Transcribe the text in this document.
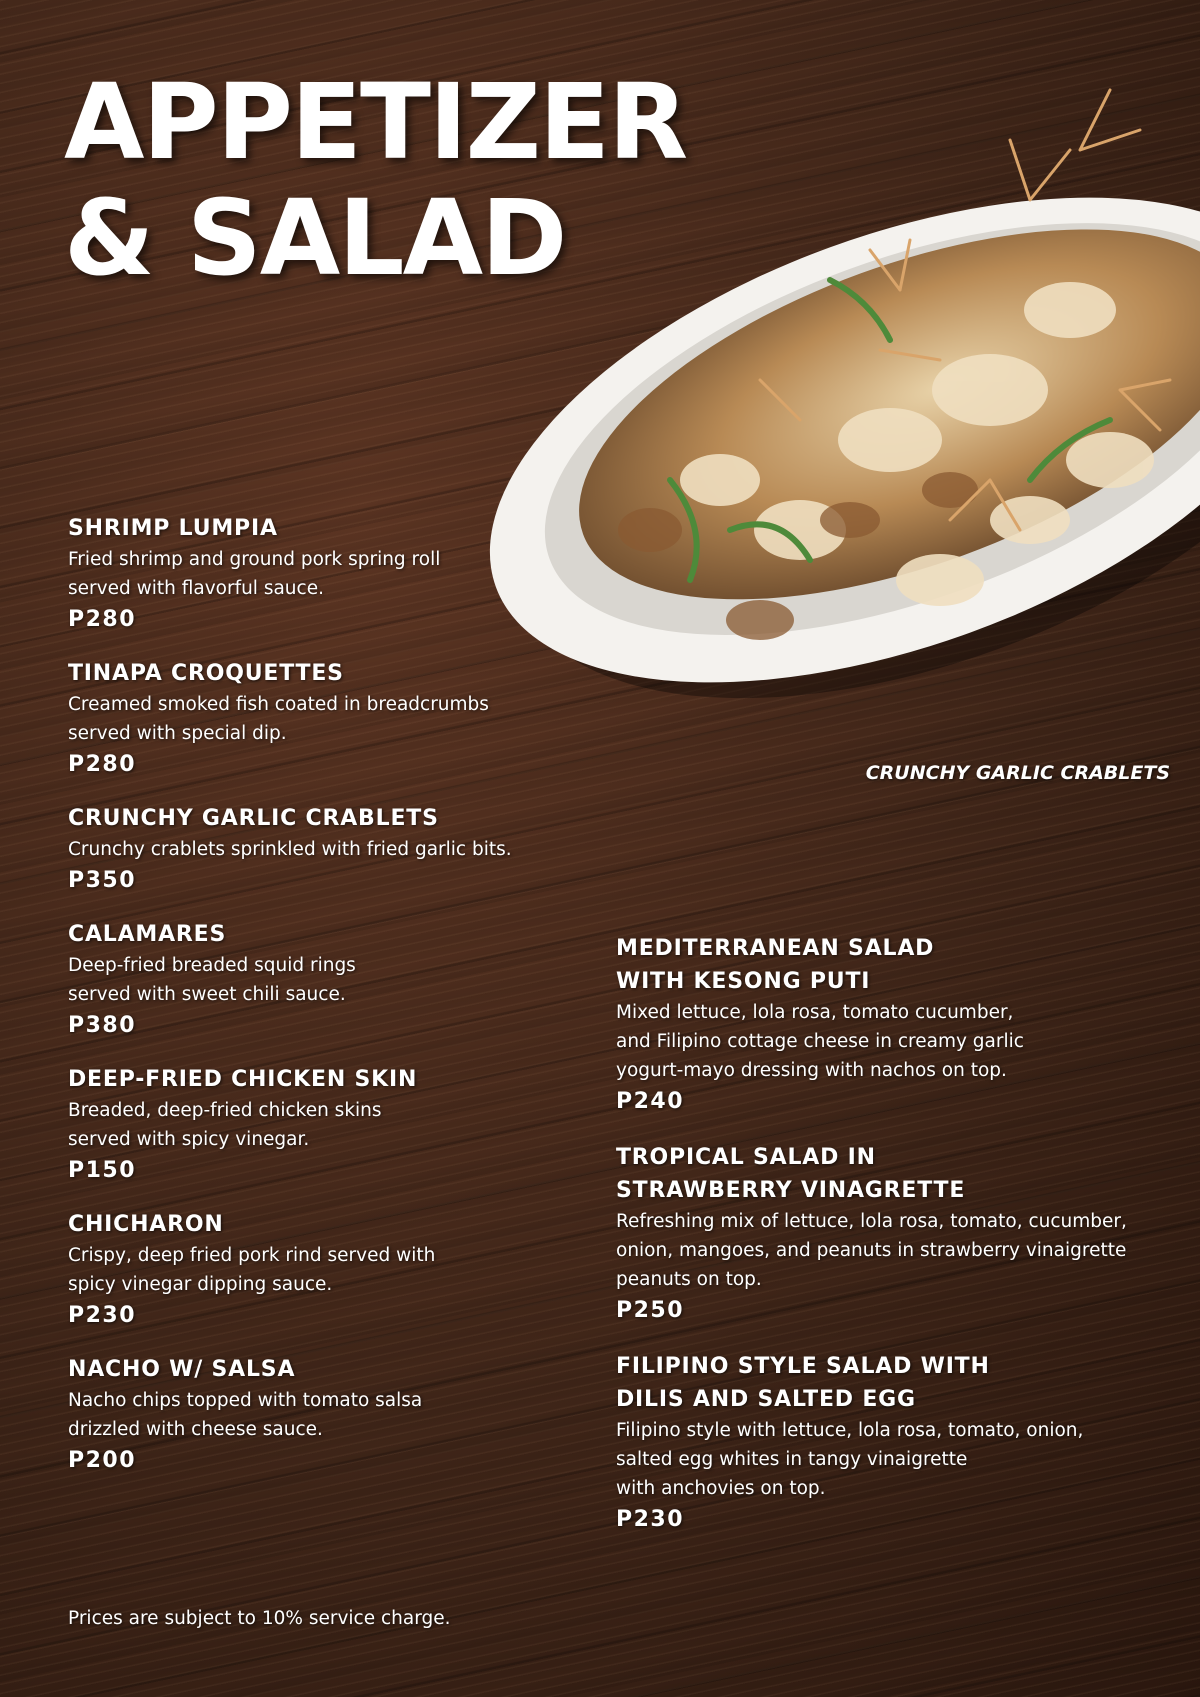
APPETIZER
& SALAD
CRUNCHY GARLIC CRABLETS
SHRIMP LUMPIA
Fried shrimp and ground pork spring roll
served with flavorful sauce.
P280
TINAPA CROQUETTES
Creamed smoked fish coated in breadcrumbs
served with special dip.
P280
CRUNCHY GARLIC CRABLETS
Crunchy crablets sprinkled with fried garlic bits.
P350
CALAMARES
Deep-fried breaded squid rings
served with sweet chili sauce.
P380
DEEP-FRIED CHICKEN SKIN
Breaded, deep-fried chicken skins
served with spicy vinegar.
P150
CHICHARON
Crispy, deep fried pork rind served with
spicy vinegar dipping sauce.
P230
NACHO W/ SALSA
Nacho chips topped with tomato salsa
drizzled with cheese sauce.
P200
MEDITERRANEAN SALAD
WITH KESONG PUTI
Mixed lettuce, lola rosa, tomato cucumber,
and Filipino cottage cheese in creamy garlic
yogurt-mayo dressing with nachos on top.
P240
TROPICAL SALAD IN
STRAWBERRY VINAGRETTE
Refreshing mix of lettuce, lola rosa, tomato, cucumber,
onion, mangoes, and peanuts in strawberry vinaigrette
peanuts on top.
P250
FILIPINO STYLE SALAD WITH
DILIS AND SALTED EGG
Filipino style with lettuce, lola rosa, tomato, onion,
salted egg whites in tangy vinaigrette
with anchovies on top.
P230
Prices are subject to 10% service charge.
